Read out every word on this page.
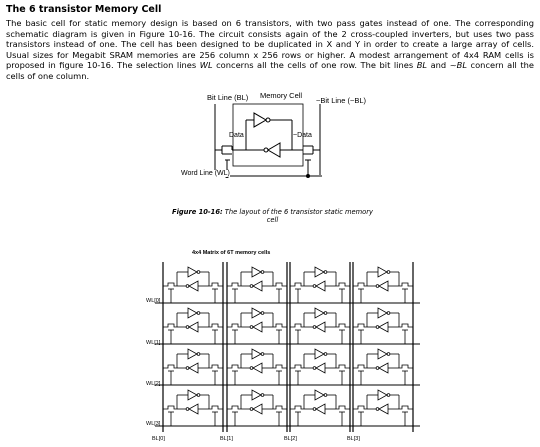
The 6 transistor Memory Cell
The basic cell for static memory design is based on 6 transistors, with two pass gates instead of one. The corresponding schematic diagram is given in Figure 10-16. The circuit consists again of the 2 cross-coupled inverters, but uses two pass transistors instead of one. The cell has been designed to be duplicated in X and Y in order to create a large array of cells. Usual sizes for Megabit SRAM memories are 256 column x 256 rows or higher. A modest arrangement of 4x4 RAM cells is proposed in figure 10-16. The selection lines WL concerns all the cells of one row. The bit lines BL and ~BL concern all the cells of one column.
Bit Line (BL) Memory Cell
~Bit Line (~BL)
Data	~Data
Word Line (WL)
Figure 10-16: The layout of the 6 transistor static memory cell
4x4 Matrix of 6T memory cells
WL[0]
WL[1]
WL[2]
WL[3]
BL[0]	BL[1]	BL[2]	BL[3]
